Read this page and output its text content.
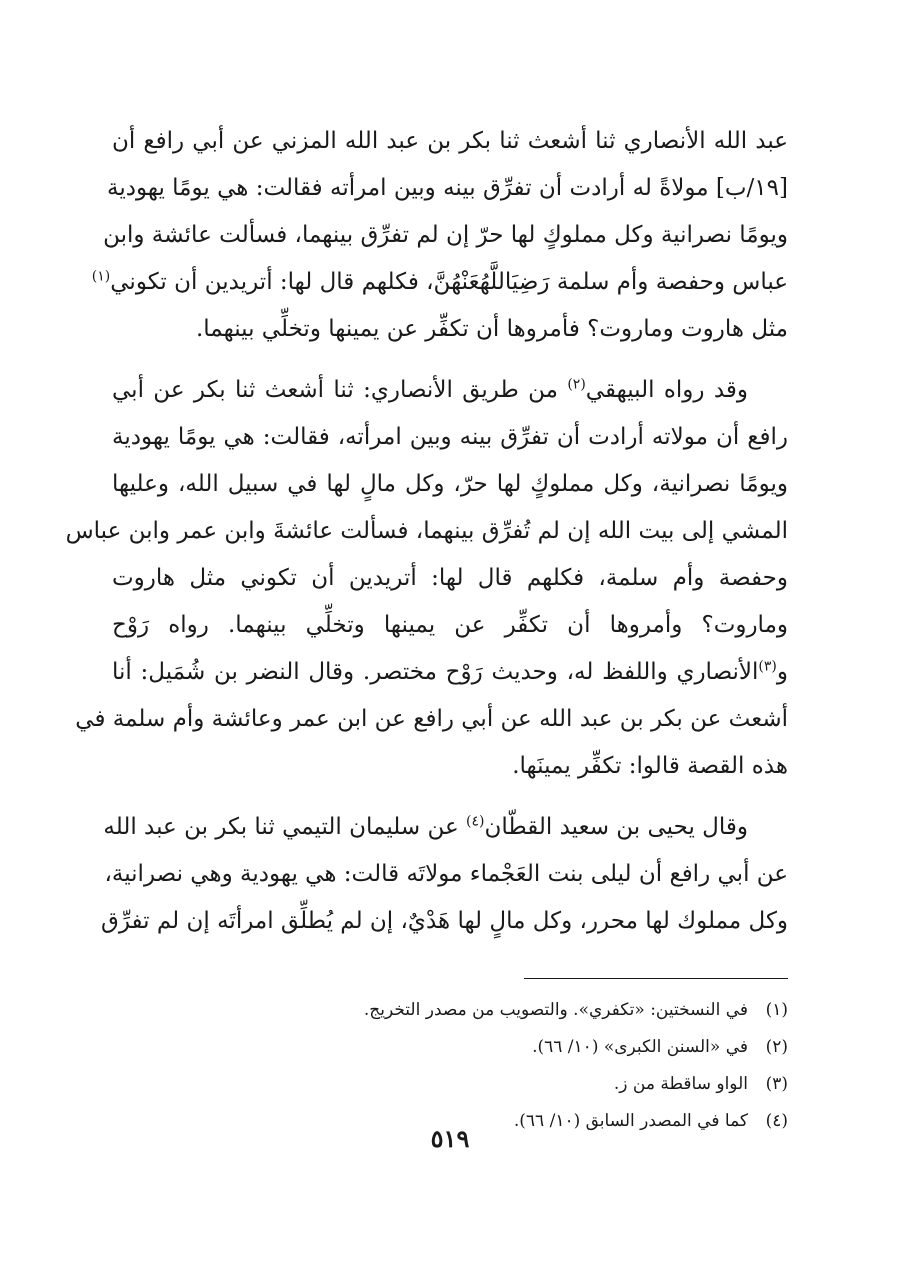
عبد الله الأنصاري ثنا أشعث ثنا بكر بن عبد الله المزني عن أبي رافع أن
[١٩/ب] مولاةً له أرادت أن تفرِّق بينه وبين امرأته فقالت: هي يومًا يهودية
ويومًا نصرانية وكل مملوكٍ لها حرّ إن لم تفرِّق بينهما، فسألت عائشة وابن
عباس وحفصة وأم سلمة رَضِيَاللَّهُعَنْهُنَّ، فكلهم قال لها: أتريدين أن تكوني$^{(١)}$
مثل هاروت وماروت؟ فأمروها أن تكفِّر عن يمينها وتخلِّي بينهما.
وقد رواه البيهقي$^{(٢)}$ من طريق الأنصاري: ثنا أشعث ثنا بكر عن أبي
رافع أن مولاته أرادت أن تفرِّق بينه وبين امرأته، فقالت: هي يومًا يهودية
ويومًا نصرانية، وكل مملوكٍ لها حرّ، وكل مالٍ لها في سبيل الله، وعليها
المشي إلى بيت الله إن لم تُفرِّق بينهما، فسألت عائشةَ وابن عمر وابن عباس
وحفصة وأم سلمة، فكلهم قال لها: أتريدين أن تكوني مثل هاروت
وماروت؟ وأمروها أن تكفِّر عن يمينها وتخلِّي بينهما. رواه رَوْح
و$^{(٣)}$الأنصاري واللفظ له، وحديث رَوْح مختصر. وقال النضر بن شُمَيل: أنا
أشعث عن بكر بن عبد الله عن أبي رافع عن ابن عمر وعائشة وأم سلمة في
هذه القصة قالوا: تكفِّر يمينَها.
وقال يحيى بن سعيد القطّان$^{(٤)}$ عن سليمان التيمي ثنا بكر بن عبد الله
عن أبي رافع أن ليلى بنت العَجْماء مولاتَه قالت: هي يهودية وهي نصرانية،
وكل مملوك لها محرر، وكل مالٍ لها هَدْيٌ، إن لم يُطلِّق امرأتَه إن لم تفرِّق
(١)
في النسختين: «تكفري». والتصويب من مصدر التخريج.
(٢)
في «السنن الكبرى» (١٠/ ٦٦).
(٣)
الواو ساقطة من ز.
(٤)
كما في المصدر السابق (١٠/ ٦٦).
٥١٩
